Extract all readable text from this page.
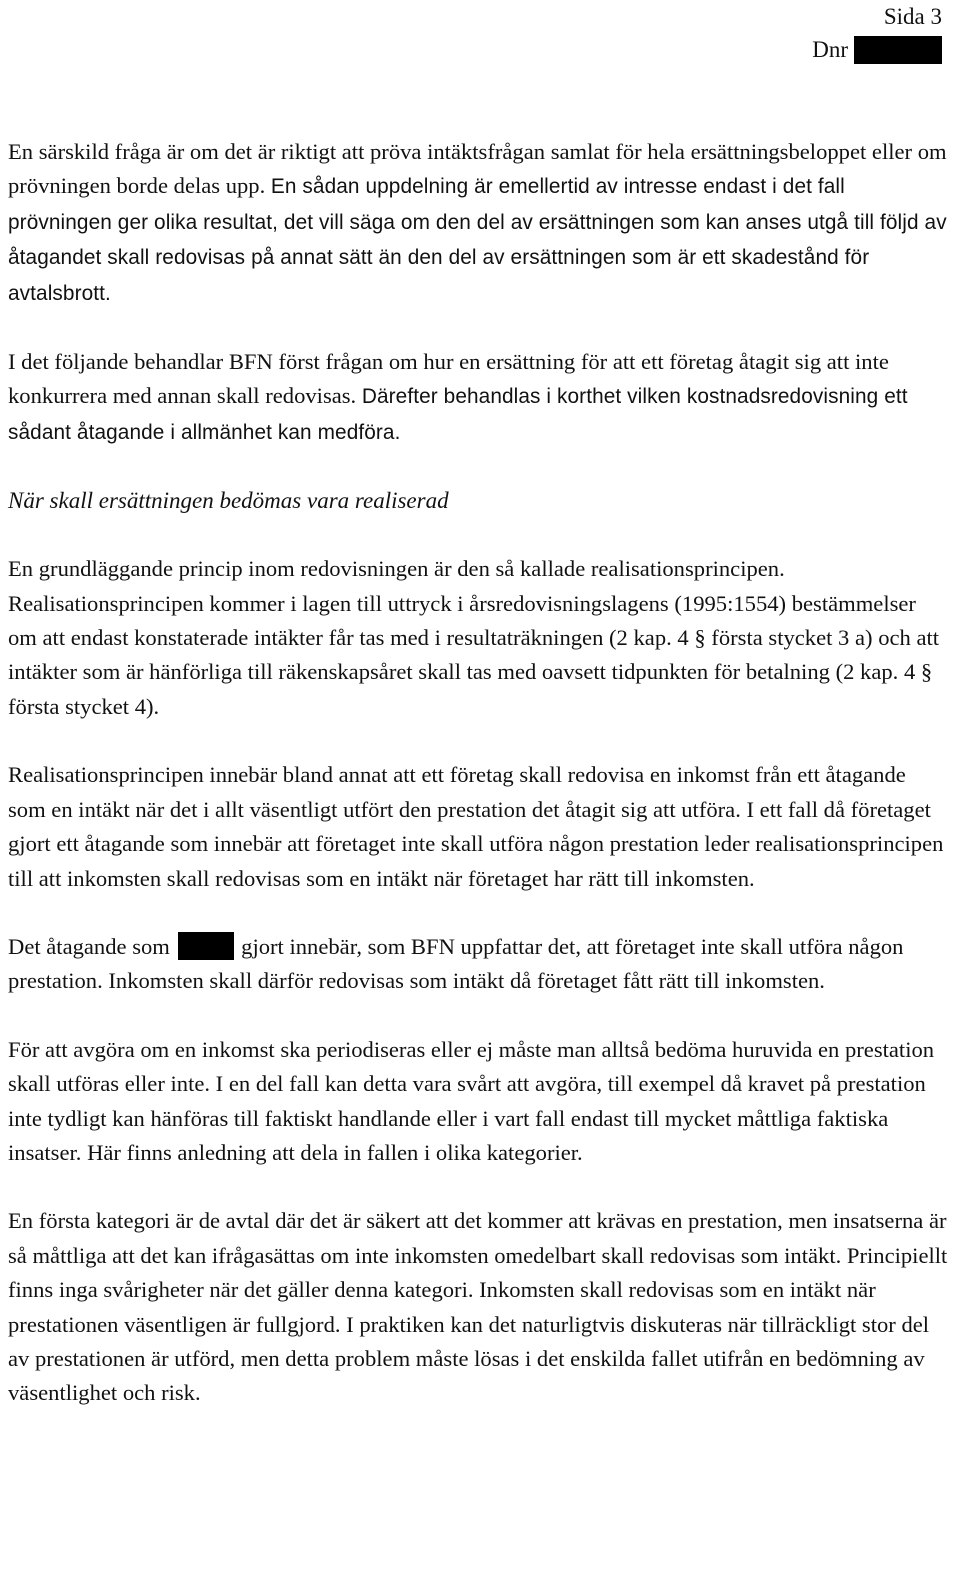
Sida 3
Dnr

En särskild fråga är om det är riktigt att pröva intäktsfrågan samlat för hela ersättningsbeloppet eller om prövningen borde delas upp. En sådan uppdelning är emellertid av intresse endast i det fall prövningen ger olika resultat, det vill säga om den del av ersättningen som kan anses utgå till följd av åtagandet skall redovisas på annat sätt än den del av ersättningen som är ett skadestånd för avtalsbrott.

I det följande behandlar BFN först frågan om hur en ersättning för att ett företag åtagit sig att inte konkurrera med annan skall redovisas. Därefter behandlas i korthet vilken kostnadsredovisning ett sådant åtagande i allmänhet kan medföra.

När skall ersättningen bedömas vara realiserad

En grundläggande princip inom redovisningen är den så kallade realisationsprincipen. Realisationsprincipen kommer i lagen till uttryck i årsredovisningslagens (1995:1554) bestämmelser om att endast konstaterade intäkter får tas med i resultaträkningen (2 kap. 4 § första stycket 3 a) och att intäkter som är hänförliga till räkenskapsåret skall tas med oavsett tidpunkten för betalning (2 kap. 4 § första stycket 4).

Realisationsprincipen innebär bland annat att ett företag skall redovisa en inkomst från ett åtagande som en intäkt när det i allt väsentligt utfört den prestation det åtagit sig att utföra. I ett fall då företaget gjort ett åtagande som innebär att företaget inte skall utföra någon prestation leder realisationsprincipen till att inkomsten skall redovisas som en intäkt när företaget har rätt till inkomsten.

Det åtagande som	gjort innebär, som BFN uppfattar det, att företaget inte skall utföra någon prestation. Inkomsten skall därför redovisas som intäkt då företaget fått rätt till inkomsten.

För att avgöra om en inkomst ska periodiseras eller ej måste man alltså bedöma huruvida en prestation skall utföras eller inte. I en del fall kan detta vara svårt att avgöra, till exempel då kravet på prestation inte tydligt kan hänföras till faktiskt handlande eller i vart fall endast till mycket måttliga faktiska insatser. Här finns anledning att dela in fallen i olika kategorier.

En första kategori är de avtal där det är säkert att det kommer att krävas en prestation, men insatserna är så måttliga att det kan ifrågasättas om inte inkomsten omedelbart skall redovisas som intäkt. Principiellt finns inga svårigheter när det gäller denna kategori. Inkomsten skall redovisas som en intäkt när prestationen väsentligen är fullgjord. I praktiken kan det naturligtvis diskuteras när tillräckligt stor del av prestationen är utförd, men detta problem måste lösas i det enskilda fallet utifrån en bedömning av väsentlighet och risk.
